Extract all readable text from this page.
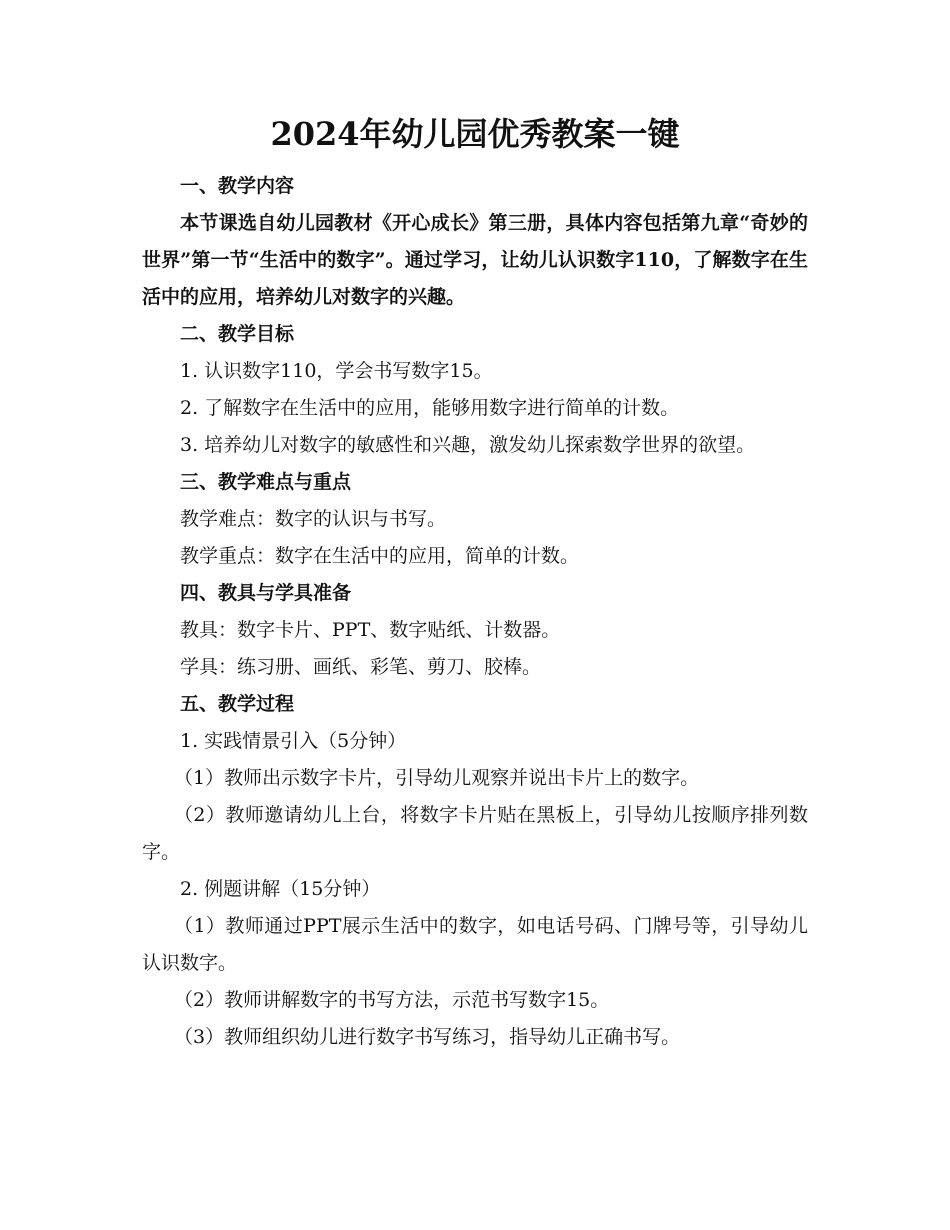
2024年幼儿园优秀教案一键

一、教学内容

本节课选自幼儿园教材《开心成长》第三册，具体内容包括第九章“奇妙的世界”第一节“生活中的数字”。通过学习，让幼儿认识数字110，了解数字在生活中的应用，培养幼儿对数字的兴趣。

二、教学目标

1. 认识数字110，学会书写数字15。

2. 了解数字在生活中的应用，能够用数字进行简单的计数。

3. 培养幼儿对数字的敏感性和兴趣，激发幼儿探索数学世界的欲望。

三、教学难点与重点

教学难点：数字的认识与书写。

教学重点：数字在生活中的应用，简单的计数。

四、教具与学具准备

教具：数字卡片、PPT、数字贴纸、计数器。

学具：练习册、画纸、彩笔、剪刀、胶棒。

五、教学过程

1. 实践情景引入（5分钟）

（1）教师出示数字卡片，引导幼儿观察并说出卡片上的数字。

（2）教师邀请幼儿上台，将数字卡片贴在黑板上，引导幼儿按顺序排列数字。

2. 例题讲解（15分钟）

（1）教师通过PPT展示生活中的数字，如电话号码、门牌号等，引导幼儿认识数字。

（2）教师讲解数字的书写方法，示范书写数字15。

（3）教师组织幼儿进行数字书写练习，指导幼儿正确书写。
